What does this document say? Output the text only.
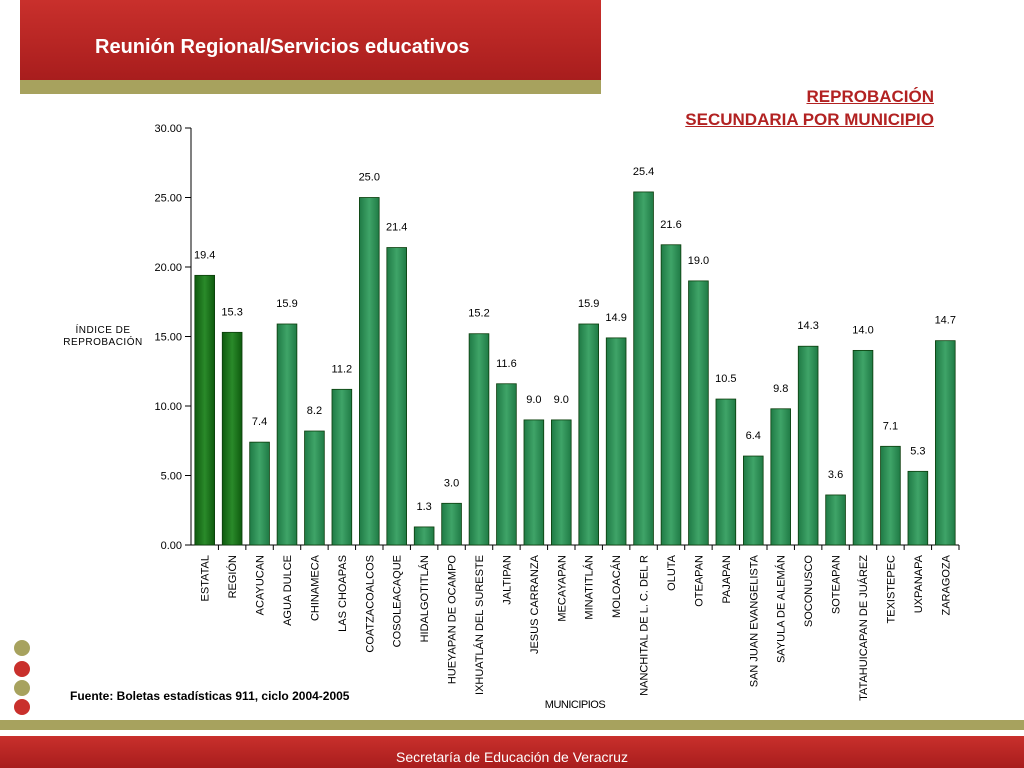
Reunión Regional/Servicios educativos
REPROBACIÓN
SECUNDARIA POR MUNICIPIO
0.00
5.00
10.00
15.00
20.00
25.00
30.00
ÍNDICE DE
REPROBACIÓN
MUNICIPIOS
19.4
ESTATAL
15.3
REGIÓN
7.4
ACAYUCAN
15.9
AGUA DULCE
8.2
CHINAMECA
11.2
LAS CHOAPAS
25.0
COATZACOALCOS
21.4
COSOLEACAQUE
1.3
HIDALGOTITLÁN
3.0
HUEYAPAN DE OCAMPO
15.2
IXHUATLÁN DEL SURESTE
11.6
JALTIPAN
9.0
JESUS CARRANZA
9.0
MECAYAPAN
15.9
MINATITLÁN
14.9
MOLOACÁN
25.4
NANCHITAL DE L. C. DEL R
21.6
OLUTA
19.0
OTEAPAN
10.5
PAJAPAN
6.4
SAN JUAN EVANGELISTA
9.8
SAYULA DE ALEMÁN
14.3
SOCONUSCO
3.6
SOTEAPAN
14.0
TATAHUICAPAN DE JUÁREZ
7.1
TEXISTEPEC
5.3
UXPANAPA
14.7
ZARAGOZA
Fuente: Boletas estadísticas 911, ciclo 2004-2005
Secretaría de Educación de Veracruz
